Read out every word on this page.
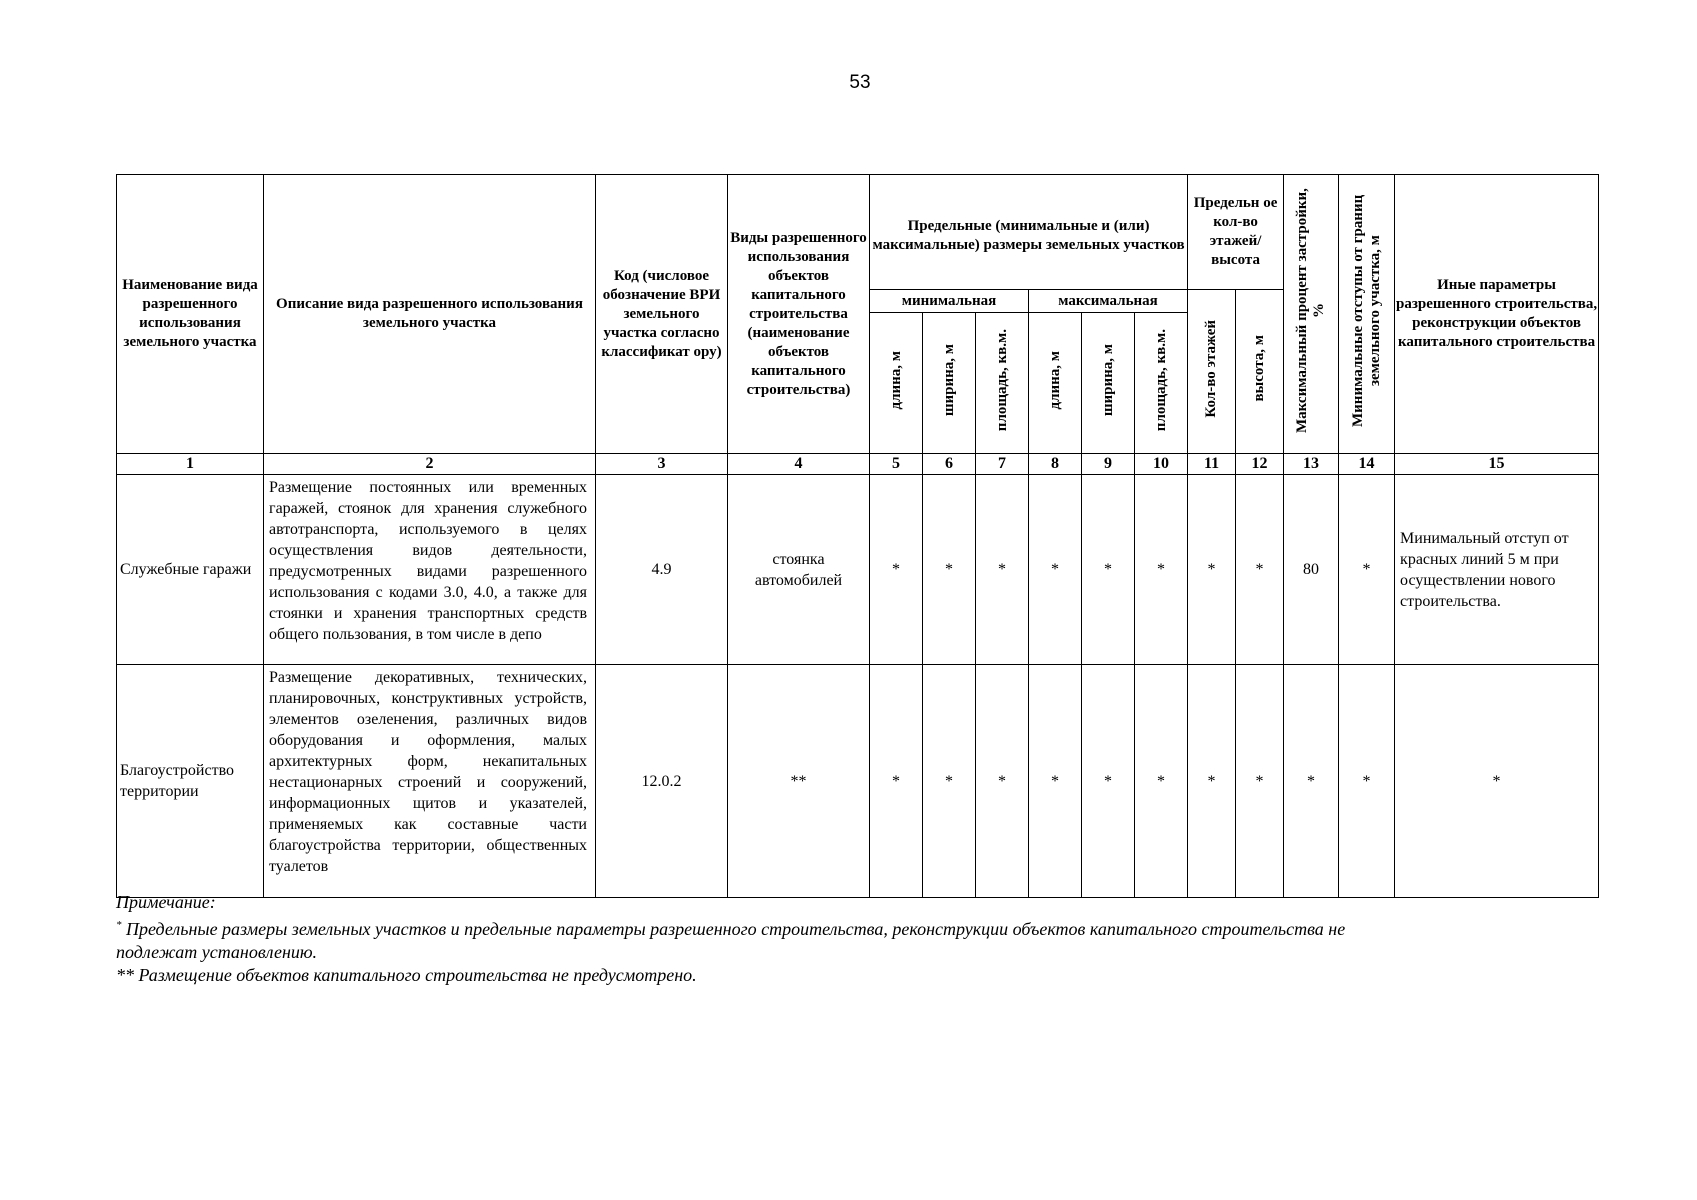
53
Наименование вида разрешенного использования земельного участка	Описание вида разрешенного использования земельного участка	Код (числовое обозначение ВРИ земельного участка согласно классификат ору)	Виды разрешенного использования объектов капитального строительства (наименование объектов капитального строительства)	Предельные (минимальные и (или) максимальные) размеры земельных участков						Предельн ое кол-во этажей/ высота		Максимальный процент застройки, %	Минимальные отступы от границ земельного участка, м	Иные параметры разрешенного строительства, реконструкции объектов капитального строительства
				минимальная			максимальная			Кол-во этажей	высота, м			
				длина, м	ширина, м	площадь, кв.м.	длина, м	ширина, м	площадь, кв.м.					
1	2	3	4	5	6	7	8	9	10	11	12	13	14	15
Служебные гаражи	Размещение постоянных или временных гаражей, стоянок для хранения служебного автотранспорта, используемого в целях осуществления видов деятельности, предусмотренных видами разрешенного использования с кодами 3.0, 4.0, а также для стоянки и хранения транспортных средств общего пользования, в том числе в депо	4.9	стоянка автомобилей	*	*	*	*	*	*	*	*	80	*	Минимальный отступ от красных линий 5 м при осуществлении нового строительства.
Благоустройство территории	Размещение декоративных, технических, планировочных, конструктивных устройств, элементов озеленения, различных видов оборудования и оформления, малых архитектурных форм, некапитальных нестационарных строений и сооружений, информационных щитов и указателей, применяемых как составные части благоустройства территории, общественных туалетов	12.0.2	**	*	*	*	*	*	*	*	*	*	*	*

Примечание:

* Предельные размеры земельных участков и предельные параметры разрешенного строительства, реконструкции объектов капитального строительства не

подлежат установлению.

** Размещение объектов капитального строительства не предусмотрено.
